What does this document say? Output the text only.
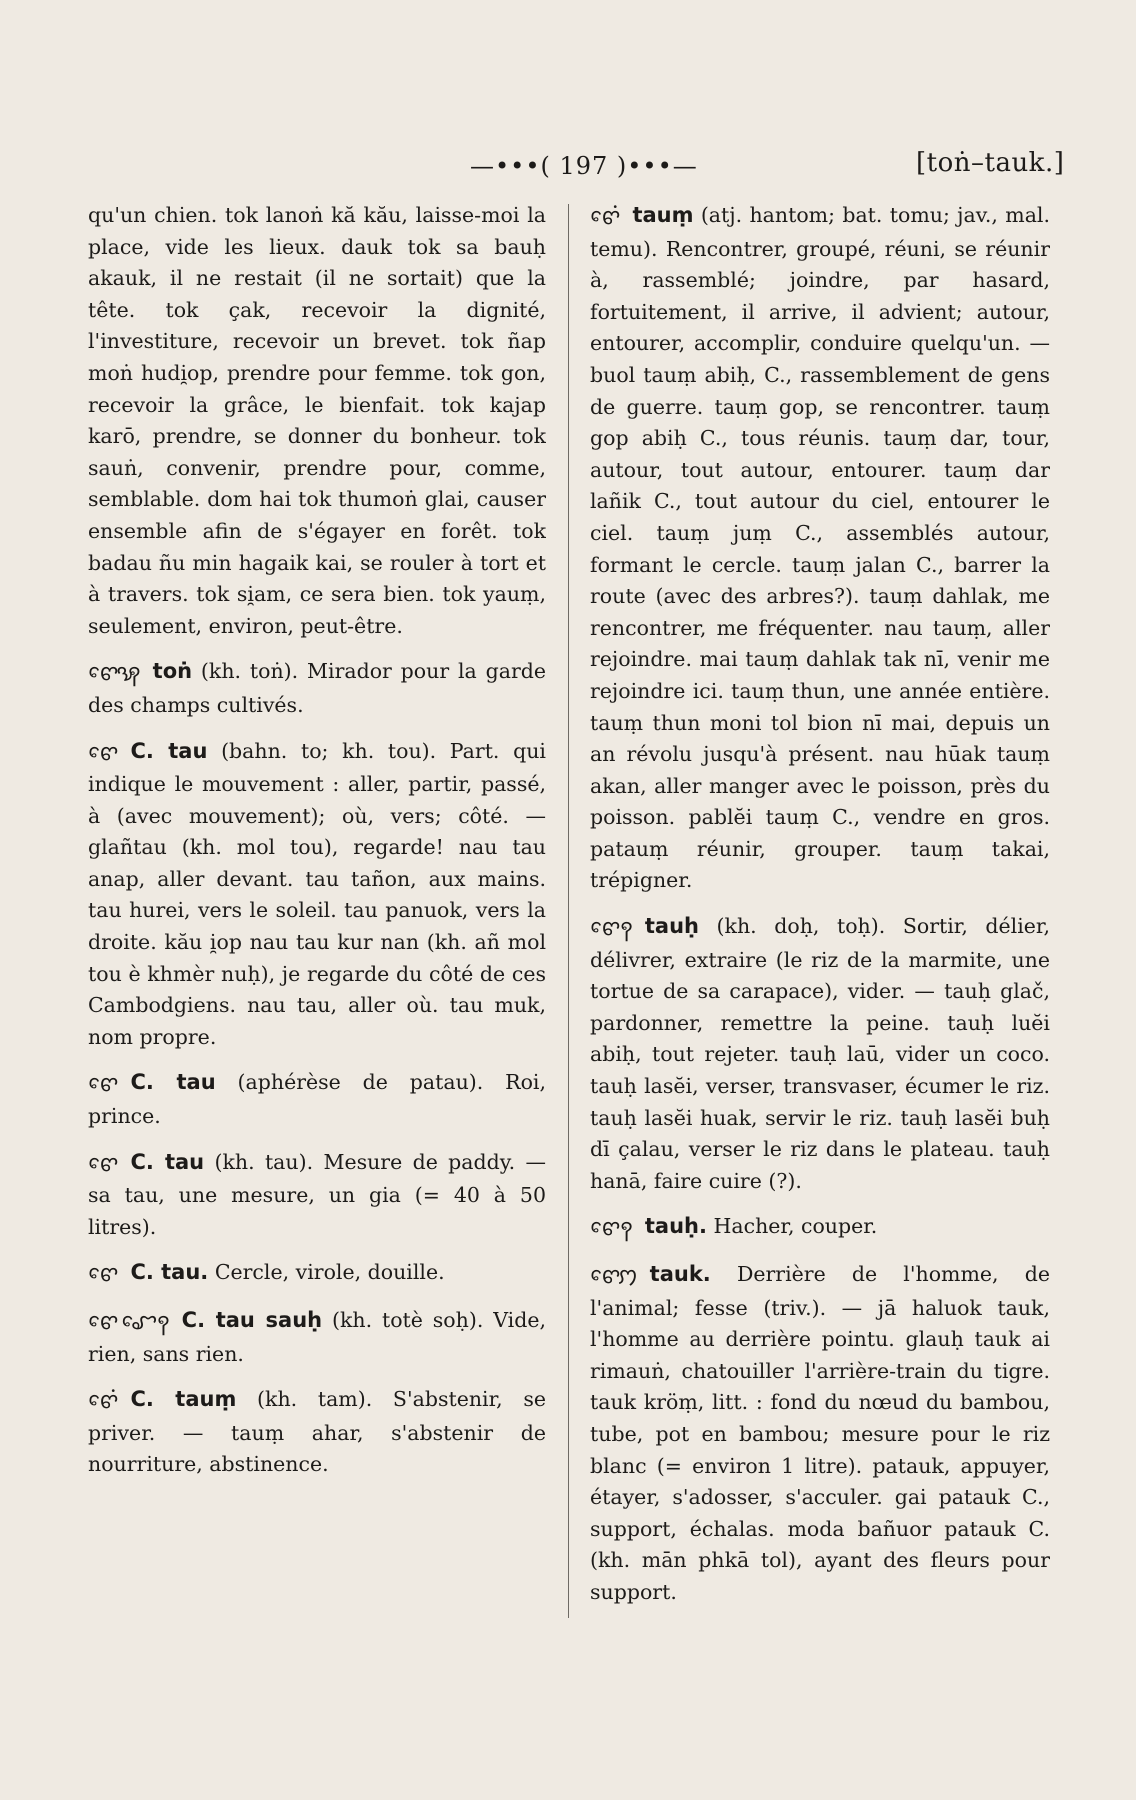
—•••( 197 )•••—	[toṅ–tauk.]

qu'un chien. tok lanoṅ kă kău, laisse-moi la place, vide les lieux. dauk tok sa bauḥ akauk, il ne restait (il ne sortait) que la tête. tok çak, recevoir la dignité, l'investiture, recevoir un brevet. tok ñap moṅ hudi̯op, prendre pour femme. tok gon, recevoir la grâce, le bienfait. tok kajap karō, prendre, se donner du bonheur. tok sauṅ, convenir, prendre pour, comme, semblable. dom hai tok thumoṅ glai, causer ensemble afin de s'égayer en forêt. tok badau ñu min hagaik kai, se rouler à tort et à travers. tok si̯am, ce sera bien. tok yauṃ, seulement, environ, peut-être.

ꨓꨯꩂ toṅ (kh. toṅ). Mirador pour la garde des champs cultivés.

ꨓꨯ C. tau (bahn. to; kh. tou). Part. qui indique le mouvement : aller, partir, passé, à (avec mouvement); où, vers; côté. — glañtau (kh. mol tou), regarde! nau tau anap, aller devant. tau tañon, aux mains. tau hurei, vers le soleil. tau panuok, vers la droite. kău i̯op nau tau kur nan (kh. añ mol tou è khmèr nuḥ), je regarde du côté de ces Cambodgiens. nau tau, aller où. tau muk, nom propre.

ꨓꨯ C. tau (aphérèse de patau). Roi, prince.

ꨓꨯ C. tau (kh. tau). Mesure de paddy. — sa tau, une mesure, un gia (= 40 à 50 litres).

ꨓꨯ C. tau. Cercle, virole, douille.

ꨓꨯ ꨧꨯꩍ C. tau sauḥ (kh. totè soḥ). Vide, rien, sans rien.

ꨓꨯꩌ C. tauṃ (kh. tam). S'abstenir, se priver. — tauṃ ahar, s'abstenir de nourriture, abstinence.

ꨓꨯꩌ tauṃ (atj. hantom; bat. tomu; jav., mal. temu). Rencontrer, groupé, réuni, se réunir à, rassemblé; joindre, par hasard, fortuitement, il arrive, il advient; autour, entourer, accomplir, conduire quelqu'un. — buol tauṃ abiḥ, C., rassemblement de gens de guerre. tauṃ gop, se rencontrer. tauṃ gop abiḥ C., tous réunis. tauṃ dar, tour, autour, tout autour, entourer. tauṃ dar lañik C., tout autour du ciel, entourer le ciel. tauṃ juṃ C., assemblés autour, formant le cercle. tauṃ jalan C., barrer la route (avec des arbres?). tauṃ dahlak, me rencontrer, me fréquenter. nau tauṃ, aller rejoindre. mai tauṃ dahlak tak nī, venir me rejoindre ici. tauṃ thun, une année entière. tauṃ thun moni tol bion nī mai, depuis un an révolu jusqu'à présent. nau hūak tauṃ akan, aller manger avec le poisson, près du poisson. pablĕi tauṃ C., vendre en gros. patauṃ réunir, grouper. tauṃ takai, trépigner.

ꨓꨯꩍ tauḥ (kh. doḥ, toḥ). Sortir, délier, délivrer, extraire (le riz de la marmite, une tortue de sa carapace), vider. — tauḥ glač, pardonner, remettre la peine. tauḥ luĕi abiḥ, tout rejeter. tauḥ laū, vider un coco. tauḥ lasĕi, verser, transvaser, écumer le riz. tauḥ lasĕi huak, servir le riz. tauḥ lasĕi buḥ dī çalau, verser le riz dans le plateau. tauḥ hanā, faire cuire (?).

ꨓꨯꩍ tauḥ. Hacher, couper.

ꨓꨯꩀ tauk. Derrière de l'homme, de l'animal; fesse (triv.). — jā haluok tauk, l'homme au derrière pointu. glauḥ tauk ai rimauṅ, chatouiller l'arrière-train du tigre. tauk kröṃ, litt. : fond du nœud du bambou, tube, pot en bambou; mesure pour le riz blanc (= environ 1 litre). patauk, appuyer, étayer, s'adosser, s'acculer. gai patauk C., support, échalas. moda bañuor patauk C. (kh. mān phkā tol), ayant des fleurs pour support.
